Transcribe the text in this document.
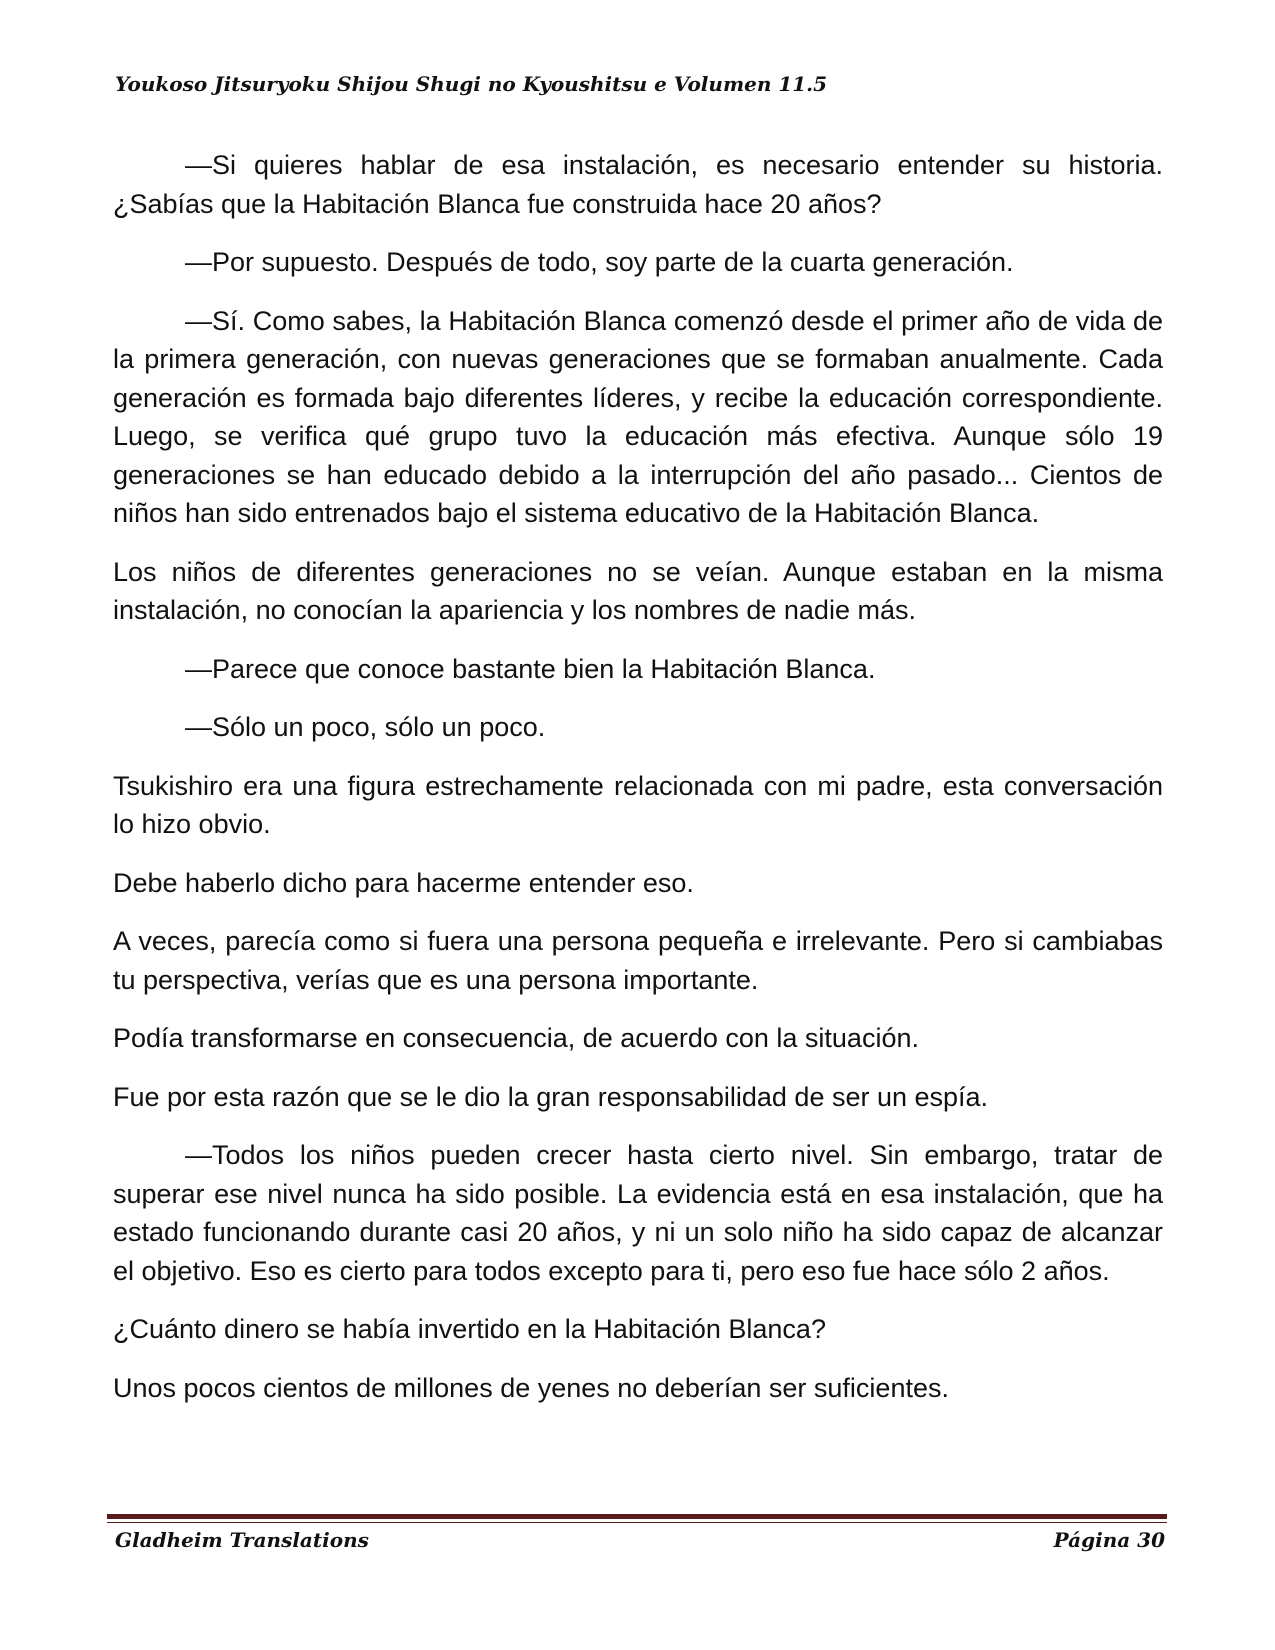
Youkoso Jitsuryoku Shijou Shugi no Kyoushitsu e Volumen 11.5

—Si quieres hablar de esa instalación, es necesario entender su historia. ¿Sabías que la Habitación Blanca fue construida hace 20 años?

—Por supuesto. Después de todo, soy parte de la cuarta generación.

—Sí. Como sabes, la Habitación Blanca comenzó desde el primer año de vida de la primera generación, con nuevas generaciones que se formaban anualmente. Cada generación es formada bajo diferentes líderes, y recibe la educación correspondiente. Luego, se verifica qué grupo tuvo la educación más efectiva. Aunque sólo 19 generaciones se han educado debido a la interrupción del año pasado... Cientos de niños han sido entrenados bajo el sistema educativo de la Habitación Blanca.

Los niños de diferentes generaciones no se veían. Aunque estaban en la misma instalación, no conocían la apariencia y los nombres de nadie más.

—Parece que conoce bastante bien la Habitación Blanca.

—Sólo un poco, sólo un poco.

Tsukishiro era una figura estrechamente relacionada con mi padre, esta conversación lo hizo obvio.

Debe haberlo dicho para hacerme entender eso.

A veces, parecía como si fuera una persona pequeña e irrelevante. Pero si cambiabas tu perspectiva, verías que es una persona importante.

Podía transformarse en consecuencia, de acuerdo con la situación.

Fue por esta razón que se le dio la gran responsabilidad de ser un espía.

—Todos los niños pueden crecer hasta cierto nivel. Sin embargo, tratar de superar ese nivel nunca ha sido posible. La evidencia está en esa instalación, que ha estado funcionando durante casi 20 años, y ni un solo niño ha sido capaz de alcanzar el objetivo. Eso es cierto para todos excepto para ti, pero eso fue hace sólo 2 años.

¿Cuánto dinero se había invertido en la Habitación Blanca?

Unos pocos cientos de millones de yenes no deberían ser suficientes.

Gladheim Translations	Página 30
